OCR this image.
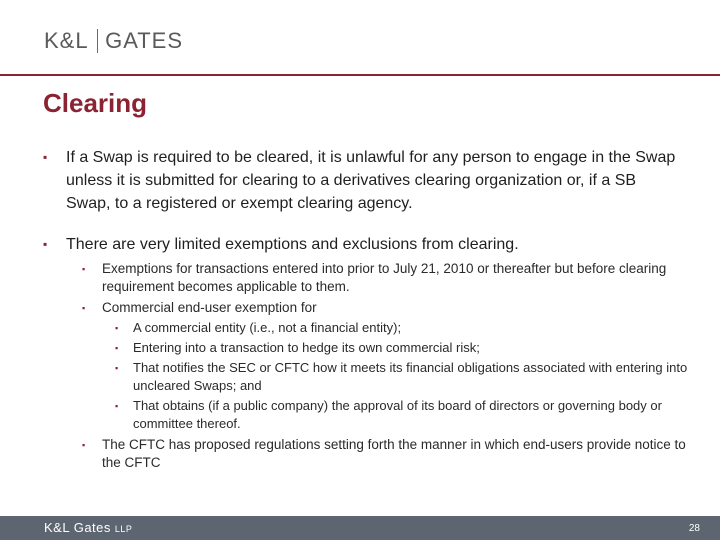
K&L GATES
Clearing
▪ If a Swap is required to be cleared, it is unlawful for any person to engage in the Swap unless it is submitted for clearing to a derivatives clearing organization or, if a SB Swap, to a registered or exempt clearing agency.
▪ There are very limited exemptions and exclusions from clearing.
▪ Exemptions for transactions entered into prior to July 21, 2010 or thereafter but before clearing requirement becomes applicable to them.
▪ Commercial end-user exemption for
▪ A commercial entity (i.e., not a financial entity);
▪ Entering into a transaction to hedge its own commercial risk;
▪ That notifies the SEC or CFTC how it meets its financial obligations associated with entering into uncleared Swaps; and
▪ That obtains (if a public company) the approval of its board of directors or governing body or committee thereof.
▪ The CFTC has proposed regulations setting forth the manner in which end-users provide notice to the CFTC
K&L Gates LLP	28
